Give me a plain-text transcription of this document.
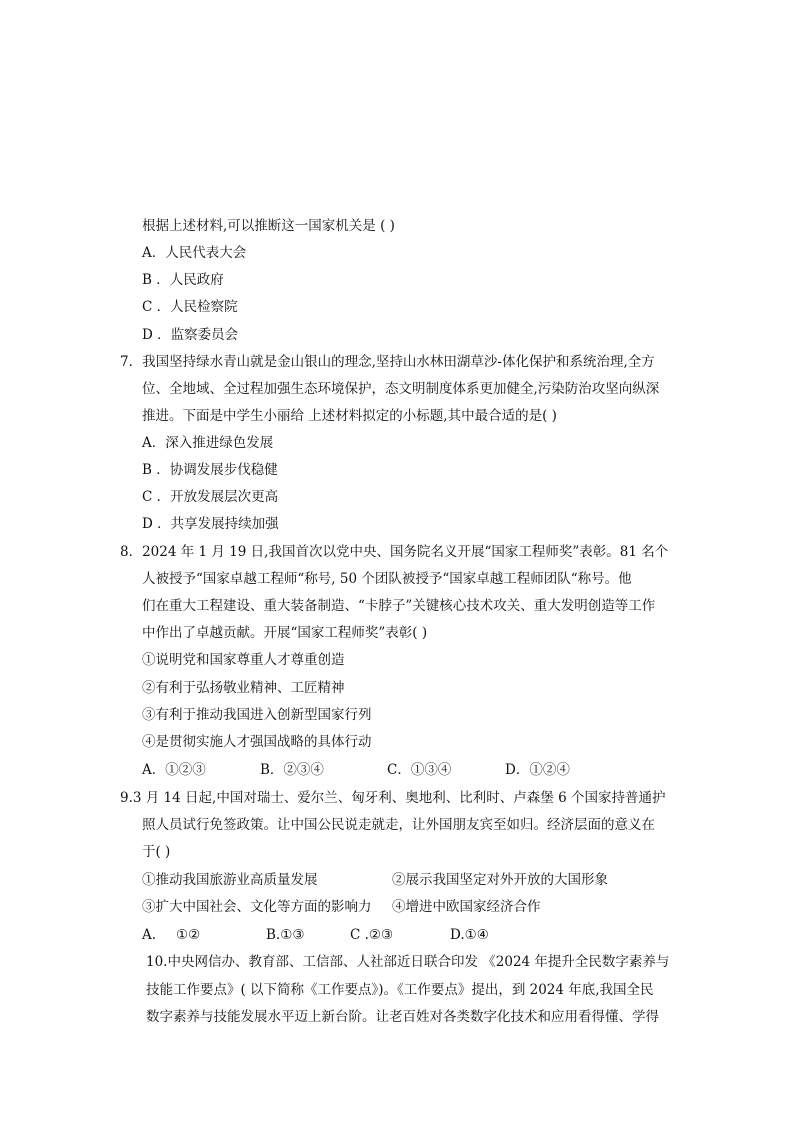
根据上述材料,可以推断这一国家机关是 ( )
A．人民代表大会
B ．人民政府
C ．人民检察院
D ．监察委员会
7．我国坚持绿水青山就是金山银山的理念,坚持山水林田湖草沙-体化保护和系统治理,全方
位、全地域、全过程加强生态环境保护，态文明制度体系更加健全,污染防治攻坚向纵深
推进。下面是中学生小丽给 上述材料拟定的小标题,其中最合适的是( )
A．深入推进绿色发展
B ．协调发展步伐稳健
C ．开放发展层次更高
D ．共享发展持续加强
8．2024 年 1 月 19 日,我国首次以党中央、国务院名义开展“国家工程师奖”表彰。81 名个
人被授予“国家卓越工程师“称号, 50 个团队被授予“国家卓越工程师团队“称号。他
们在重大工程建设、重大装备制造、“卡脖子”关键核心技术攻关、重大发明创造等工作
中作出了卓越贡献。开展“国家工程师奖”表彰( )
①说明党和国家尊重人才尊重创造
②有利于弘扬敬业精神、工匠精神
③有利于推动我国进入创新型国家行列
④是贯彻实施人才强国战略的具体行动
A．①②③	B．②③④	C．①③④	D．①②④
9.3 月 14 日起,中国对瑞士、爱尔兰、匈牙利、奥地利、比利时、卢森堡 6 个国家持普通护
照人员试行免签政策。让中国公民说走就走，让外国朋友宾至如归。经济层面的意义在
于( )
①推动我国旅游业高质量发展	②展示我国坚定对外开放的大国形象
③扩大中国社会、文化等方面的影响力 ④增进中欧国家经济合作
A. ①②	B.①③	C .②③	D.①④
10.中央网信办、教育部、工信部、人社部近日联合印发 《2024 年提升全民数字素养与
技能工作要点》( 以下简称《工作要点》)。《工作要点》提出，到 2024 年底,我国全民
数字素养与技能发展水平迈上新台阶。让老百姓对各类数字化技术和应用看得懂、学得
